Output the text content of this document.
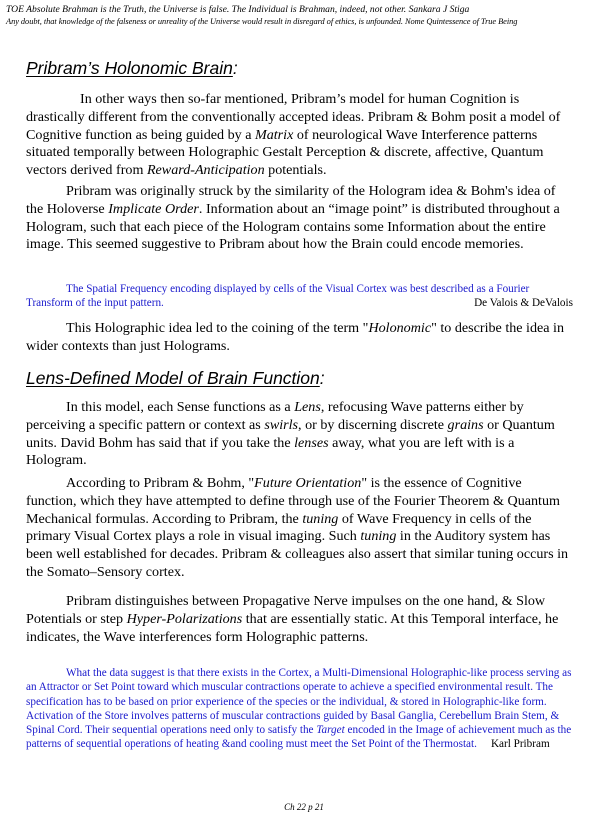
TOE Absolute Brahman is the Truth, the Universe is false. The Individual is Brahman, indeed, not other. Sankara J Stiga
Any doubt, that knowledge of the falseness or unreality of the Universe would result in disregard of ethics, is unfounded. Nome Quintessence of True Being
Pribram’s Holonomic Brain:
In other ways then so-far mentioned, Pribram’s model for human Cognition is drastically different from the conventionally accepted ideas. Pribram & Bohm posit a model of Cognitive function as being guided by a Matrix of neurological Wave Interference patterns situated temporally between Holographic Gestalt Perception & discrete, affective, Quantum vectors derived from Reward-Anticipation potentials.
Pribram was originally struck by the similarity of the Hologram idea & Bohm's idea of the Holoverse Implicate Order. Information about an “image point” is distributed throughout a Hologram, such that each piece of the Hologram contains some Information about the entire image. This seemed suggestive to Pribram about how the Brain could encode memories.
The Spatial Frequency encoding displayed by cells of the Visual Cortex was best described as a Fourier Transform of the input pattern.	De Valois & DeValois
This Holographic idea led to the coining of the term "Holonomic" to describe the idea in wider contexts than just Holograms.
Lens-Defined Model of Brain Function:
In this model, each Sense functions as a Lens, refocusing Wave patterns either by perceiving a specific pattern or context as swirls, or by discerning discrete grains or Quantum units. David Bohm has said that if you take the lenses away, what you are left with is a Hologram.
According to Pribram & Bohm, "Future Orientation" is the essence of Cognitive function, which they have attempted to define through use of the Fourier Theorem & Quantum Mechanical formulas. According to Pribram, the tuning of Wave Frequency in cells of the primary Visual Cortex plays a role in visual imaging. Such tuning in the Auditory system has been well established for decades. Pribram & colleagues also assert that similar tuning occurs in the Somato–Sensory cortex.
Pribram distinguishes between Propagative Nerve impulses on the one hand, & Slow Potentials or step Hyper-Polarizations that are essentially static. At this Temporal interface, he indicates, the Wave interferences form Holographic patterns.
What the data suggest is that there exists in the Cortex, a Multi-Dimensional Holographic-like process serving as an Attractor or Set Point toward which muscular contractions operate to achieve a specified environmental result. The specification has to be based on prior experience of the species or the individual, & stored in Holographic-like form. Activation of the Store involves patterns of muscular contractions guided by Basal Ganglia, Cerebellum Brain Stem, & Spinal Cord. Their sequential operations need only to satisfy the Target encoded in the Image of achievement much as the patterns of sequential operations of heating &and cooling must meet the Set Point of the Thermostat. Karl Pribram
Ch 22 p 21
